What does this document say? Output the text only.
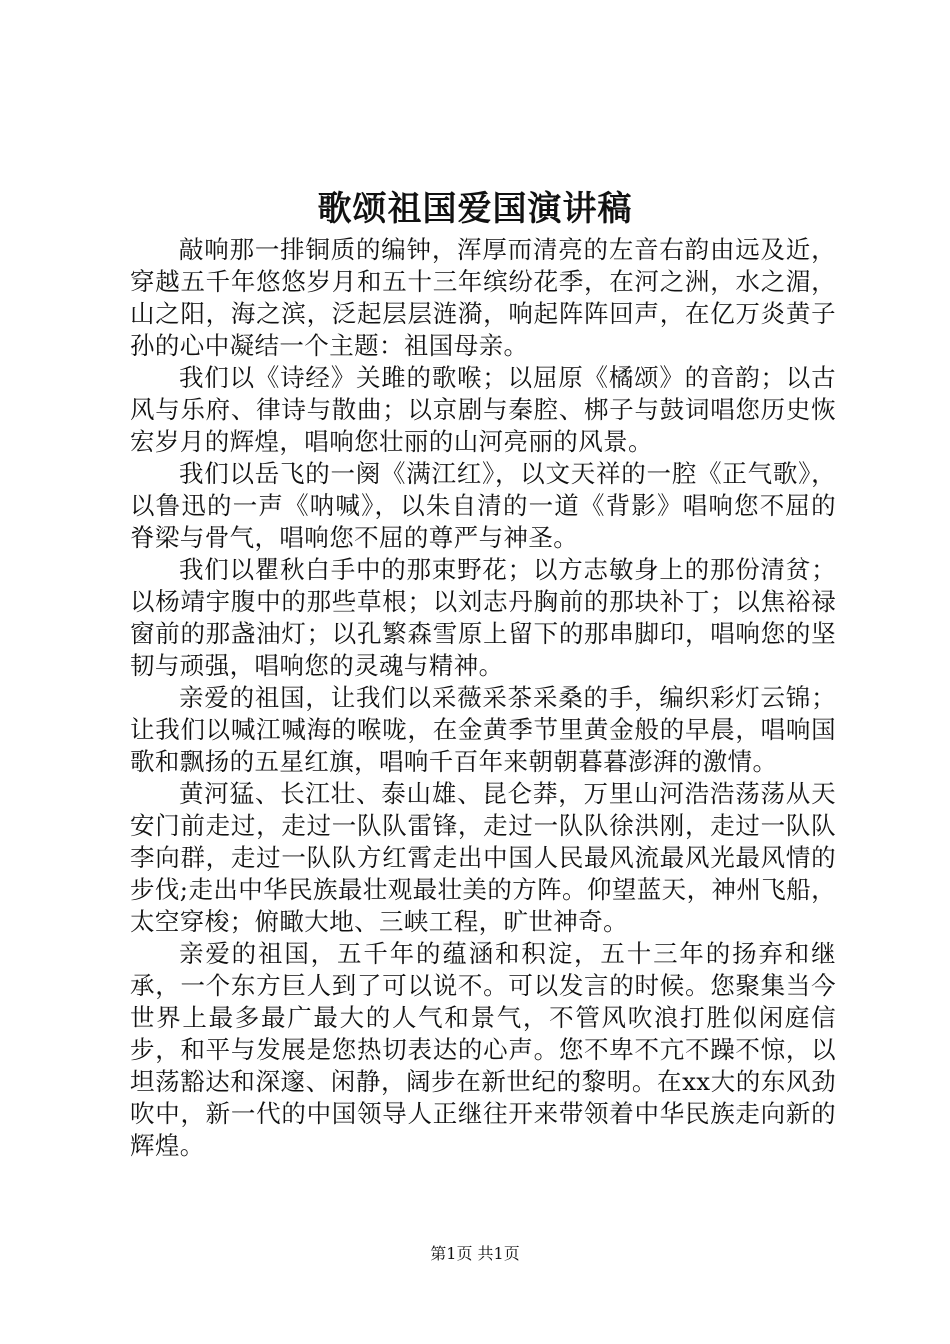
歌颂祖国爱国演讲稿

敲响那一排铜质的编钟，浑厚而清亮的左音右韵由远及近，穿越五千年悠悠岁月和五十三年缤纷花季，在河之洲，水之湄，山之阳，海之滨，泛起层层涟漪，响起阵阵回声，在亿万炎黄子孙的心中凝结一个主题：祖国母亲。

我们以《诗经》关雎的歌喉；以屈原《橘颂》的音韵；以古风与乐府、律诗与散曲；以京剧与秦腔、梆子与鼓词唱您历史恢宏岁月的辉煌，唱响您壮丽的山河亮丽的风景。

我们以岳飞的一阕《满江红》，以文天祥的一腔《正气歌》，以鲁迅的一声《呐喊》，以朱自清的一道《背影》唱响您不屈的脊梁与骨气，唱响您不屈的尊严与神圣。

我们以瞿秋白手中的那束野花；以方志敏身上的那份清贫；以杨靖宇腹中的那些草根；以刘志丹胸前的那块补丁；以焦裕禄窗前的那盏油灯；以孔繁森雪原上留下的那串脚印，唱响您的坚韧与顽强，唱响您的灵魂与精神。

亲爱的祖国，让我们以采薇采茶采桑的手，编织彩灯云锦；让我们以喊江喊海的喉咙，在金黄季节里黄金般的早晨，唱响国歌和飘扬的五星红旗，唱响千百年来朝朝暮暮澎湃的激情。

黄河猛、长江壮、泰山雄、昆仑莽，万里山河浩浩荡荡从天安门前走过，走过一队队雷锋，走过一队队徐洪刚，走过一队队李向群，走过一队队方红霄走出中国人民最风流最风光最风情的步伐;走出中华民族最壮观最壮美的方阵。仰望蓝天，神州飞船，太空穿梭；俯瞰大地、三峡工程，旷世神奇。

亲爱的祖国，五千年的蕴涵和积淀，五十三年的扬弃和继承，一个东方巨人到了可以说不。可以发言的时候。您聚集当今世界上最多最广最大的人气和景气，不管风吹浪打胜似闲庭信步，和平与发展是您热切表达的心声。您不卑不亢不躁不惊，以坦荡豁达和深邃、闲静，阔步在新世纪的黎明。在xx大的东风劲吹中，新一代的中国领导人正继往开来带领着中华民族走向新的辉煌。

第1页 共1页
